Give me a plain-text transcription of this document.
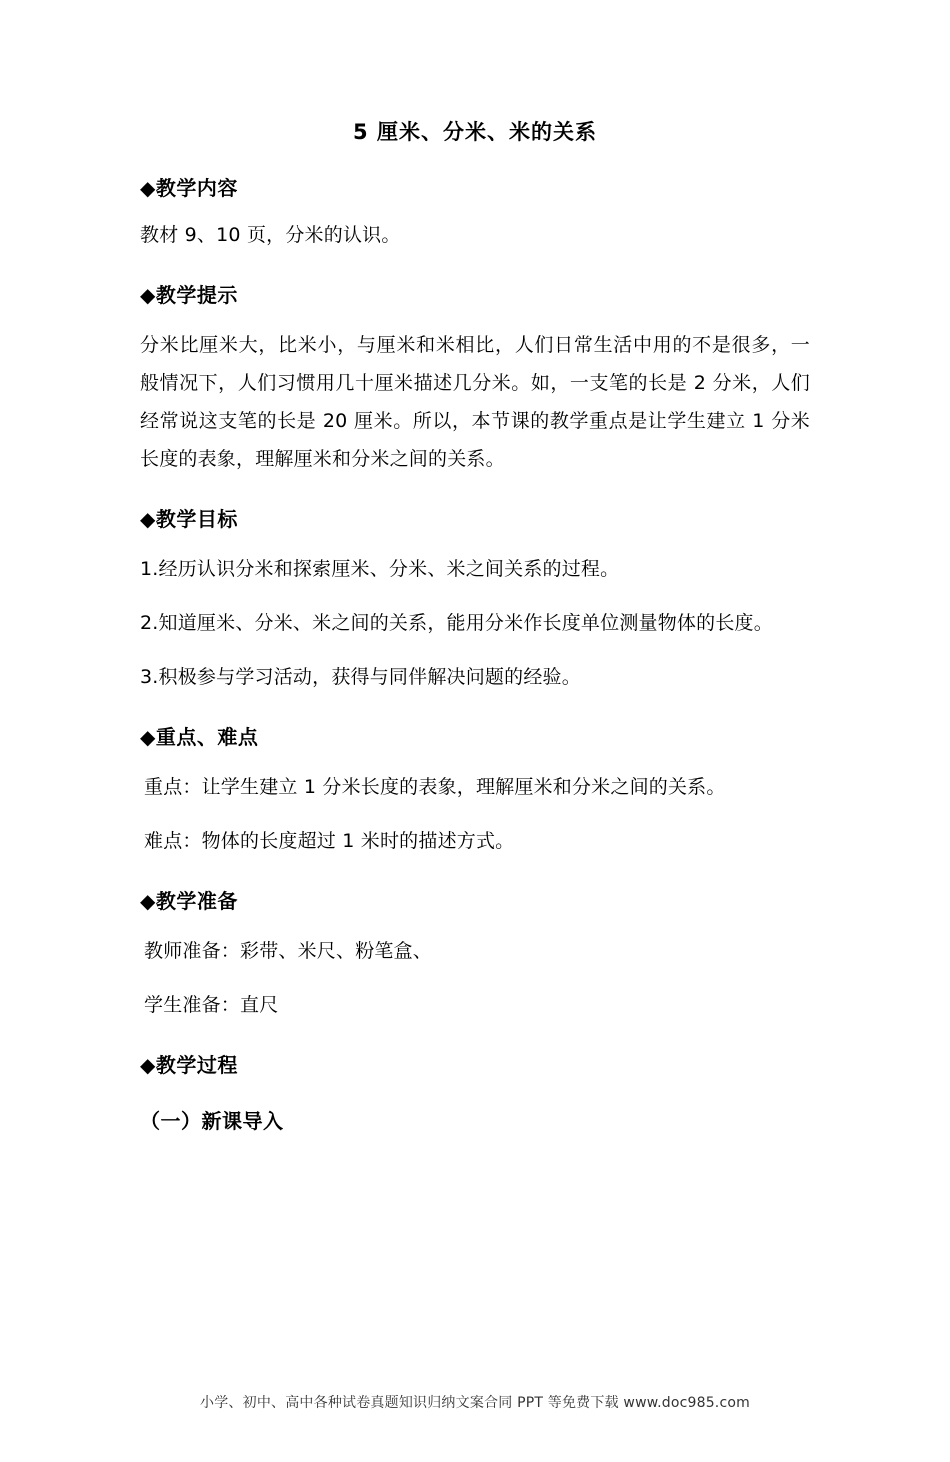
5 厘米、分米、米的关系
◆教学内容
教材 9、10 页，分米的认识。
◆教学提示
分米比厘米大，比米小，与厘米和米相比，人们日常生活中用的不是很多，一般情况下，人们习惯用几十厘米描述几分米。如，一支笔的长是 2 分米，人们经常说这支笔的长是 20 厘米。所以，本节课的教学重点是让学生建立 1 分米长度的表象，理解厘米和分米之间的关系。
◆教学目标
1.经历认识分米和探索厘米、分米、米之间关系的过程。
2.知道厘米、分米、米之间的关系，能用分米作长度单位测量物体的长度。
3.积极参与学习活动，获得与同伴解决问题的经验。
◆重点、难点
重点：让学生建立 1 分米长度的表象，理解厘米和分米之间的关系。
难点：物体的长度超过 1 米时的描述方式。
◆教学准备
教师准备：彩带、米尺、粉笔盒、
学生准备：直尺
◆教学过程
（一）新课导入
小学、初中、高中各种试卷真题知识归纳文案合同 PPT 等免费下载 www.doc985.com
